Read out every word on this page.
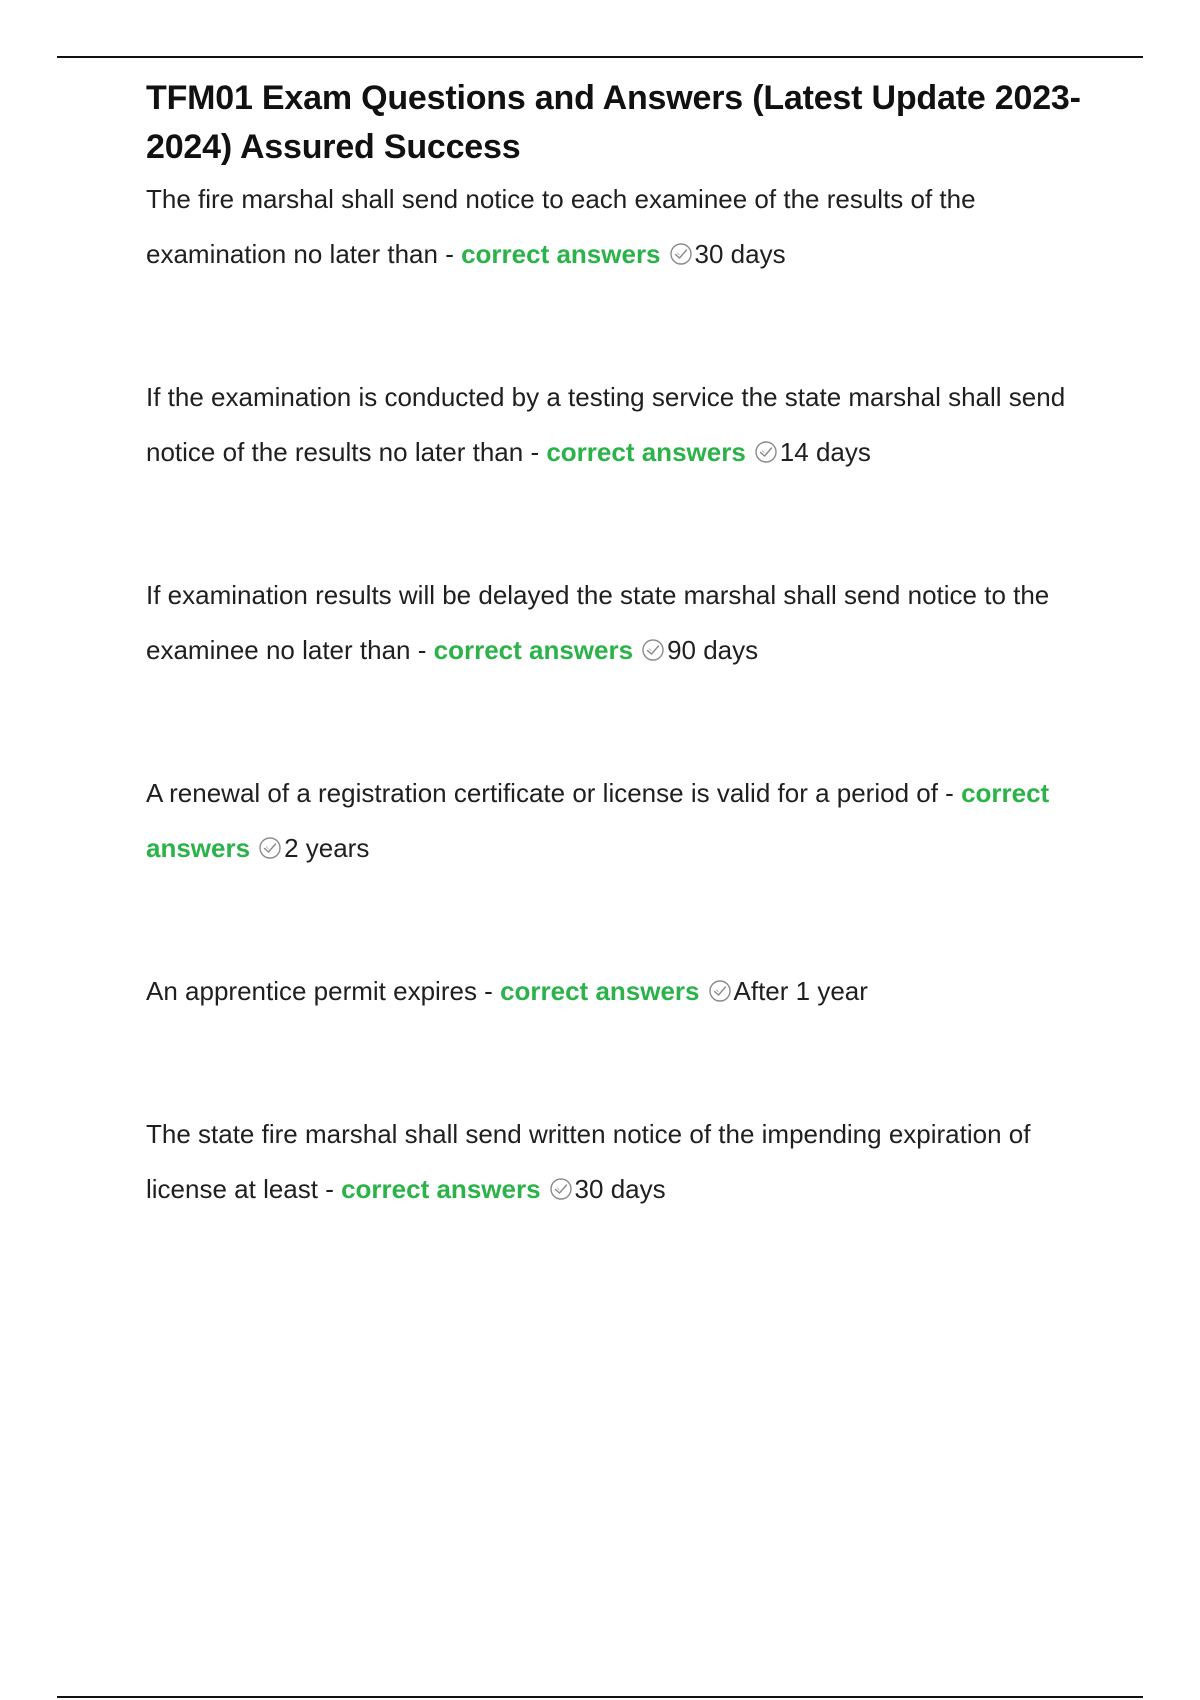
TFM01 Exam Questions and Answers (Latest Update 2023-2024) Assured Success

The fire marshal shall send notice to each examinee of the results of the examination no later than - correct answers 30 days

If the examination is conducted by a testing service the state marshal shall send notice of the results no later than - correct answers 14 days

If examination results will be delayed the state marshal shall send notice to the examinee no later than - correct answers 90 days

A renewal of a registration certificate or license is valid for a period of - correct answers 2 years

An apprentice permit expires - correct answers After 1 year

The state fire marshal shall send written notice of the impending expiration of license at least - correct answers 30 days
